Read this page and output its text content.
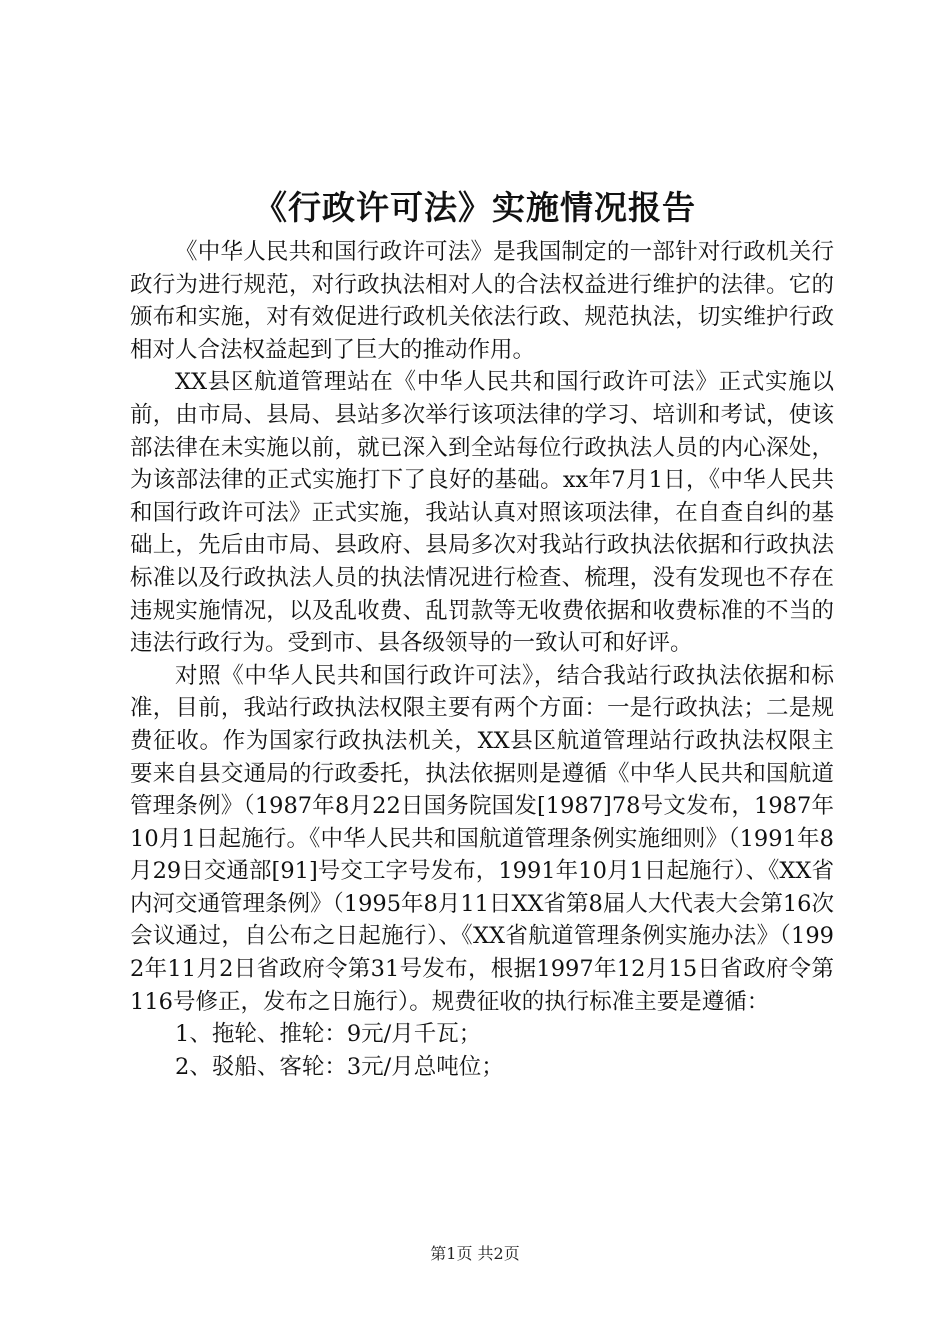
《行政许可法》实施情况报告

《中华人民共和国行政许可法》是我国制定的一部针对行政机关行政行为进行规范，对行政执法相对人的合法权益进行维护的法律。它的颁布和实施，对有效促进行政机关依法行政、规范执法，切实维护行政相对人合法权益起到了巨大的推动作用。

XX县区航道管理站在《中华人民共和国行政许可法》正式实施以前，由市局、县局、县站多次举行该项法律的学习、培训和考试，使该部法律在未实施以前，就已深入到全站每位行政执法人员的内心深处，为该部法律的正式实施打下了良好的基础。xx年7月1日，《中华人民共和国行政许可法》正式实施，我站认真对照该项法律，在自查自纠的基础上，先后由市局、县政府、县局多次对我站行政执法依据和行政执法标准以及行政执法人员的执法情况进行检查、梳理，没有发现也不存在违规实施情况，以及乱收费、乱罚款等无收费依据和收费标准的不当的违法行政行为。受到市、县各级领导的一致认可和好评。

对照《中华人民共和国行政许可法》，结合我站行政执法依据和标准，目前，我站行政执法权限主要有两个方面：一是行政执法；二是规费征收。作为国家行政执法机关，XX县区航道管理站行政执法权限主要来自县交通局的行政委托，执法依据则是遵循《中华人民共和国航道管理条例》（1987年8月22日国务院国发[1987]78号文发布，1987年10月1日起施行。《中华人民共和国航道管理条例实施细则》（1991年8月29日交通部[91]号交工字号发布，1991年10月1日起施行）、《XX省内河交通管理条例》（1995年8月11日XX省第8届人大代表大会第16次会议通过，自公布之日起施行）、《XX省航道管理条例实施办法》（1992年11月2日省政府令第31号发布，根据1997年12月15日省政府令第116号修正，发布之日施行）。规费征收的执行标准主要是遵循：

1、拖轮、推轮：9元/月千瓦；

2、驳船、客轮：3元/月总吨位；

第1页 共2页
